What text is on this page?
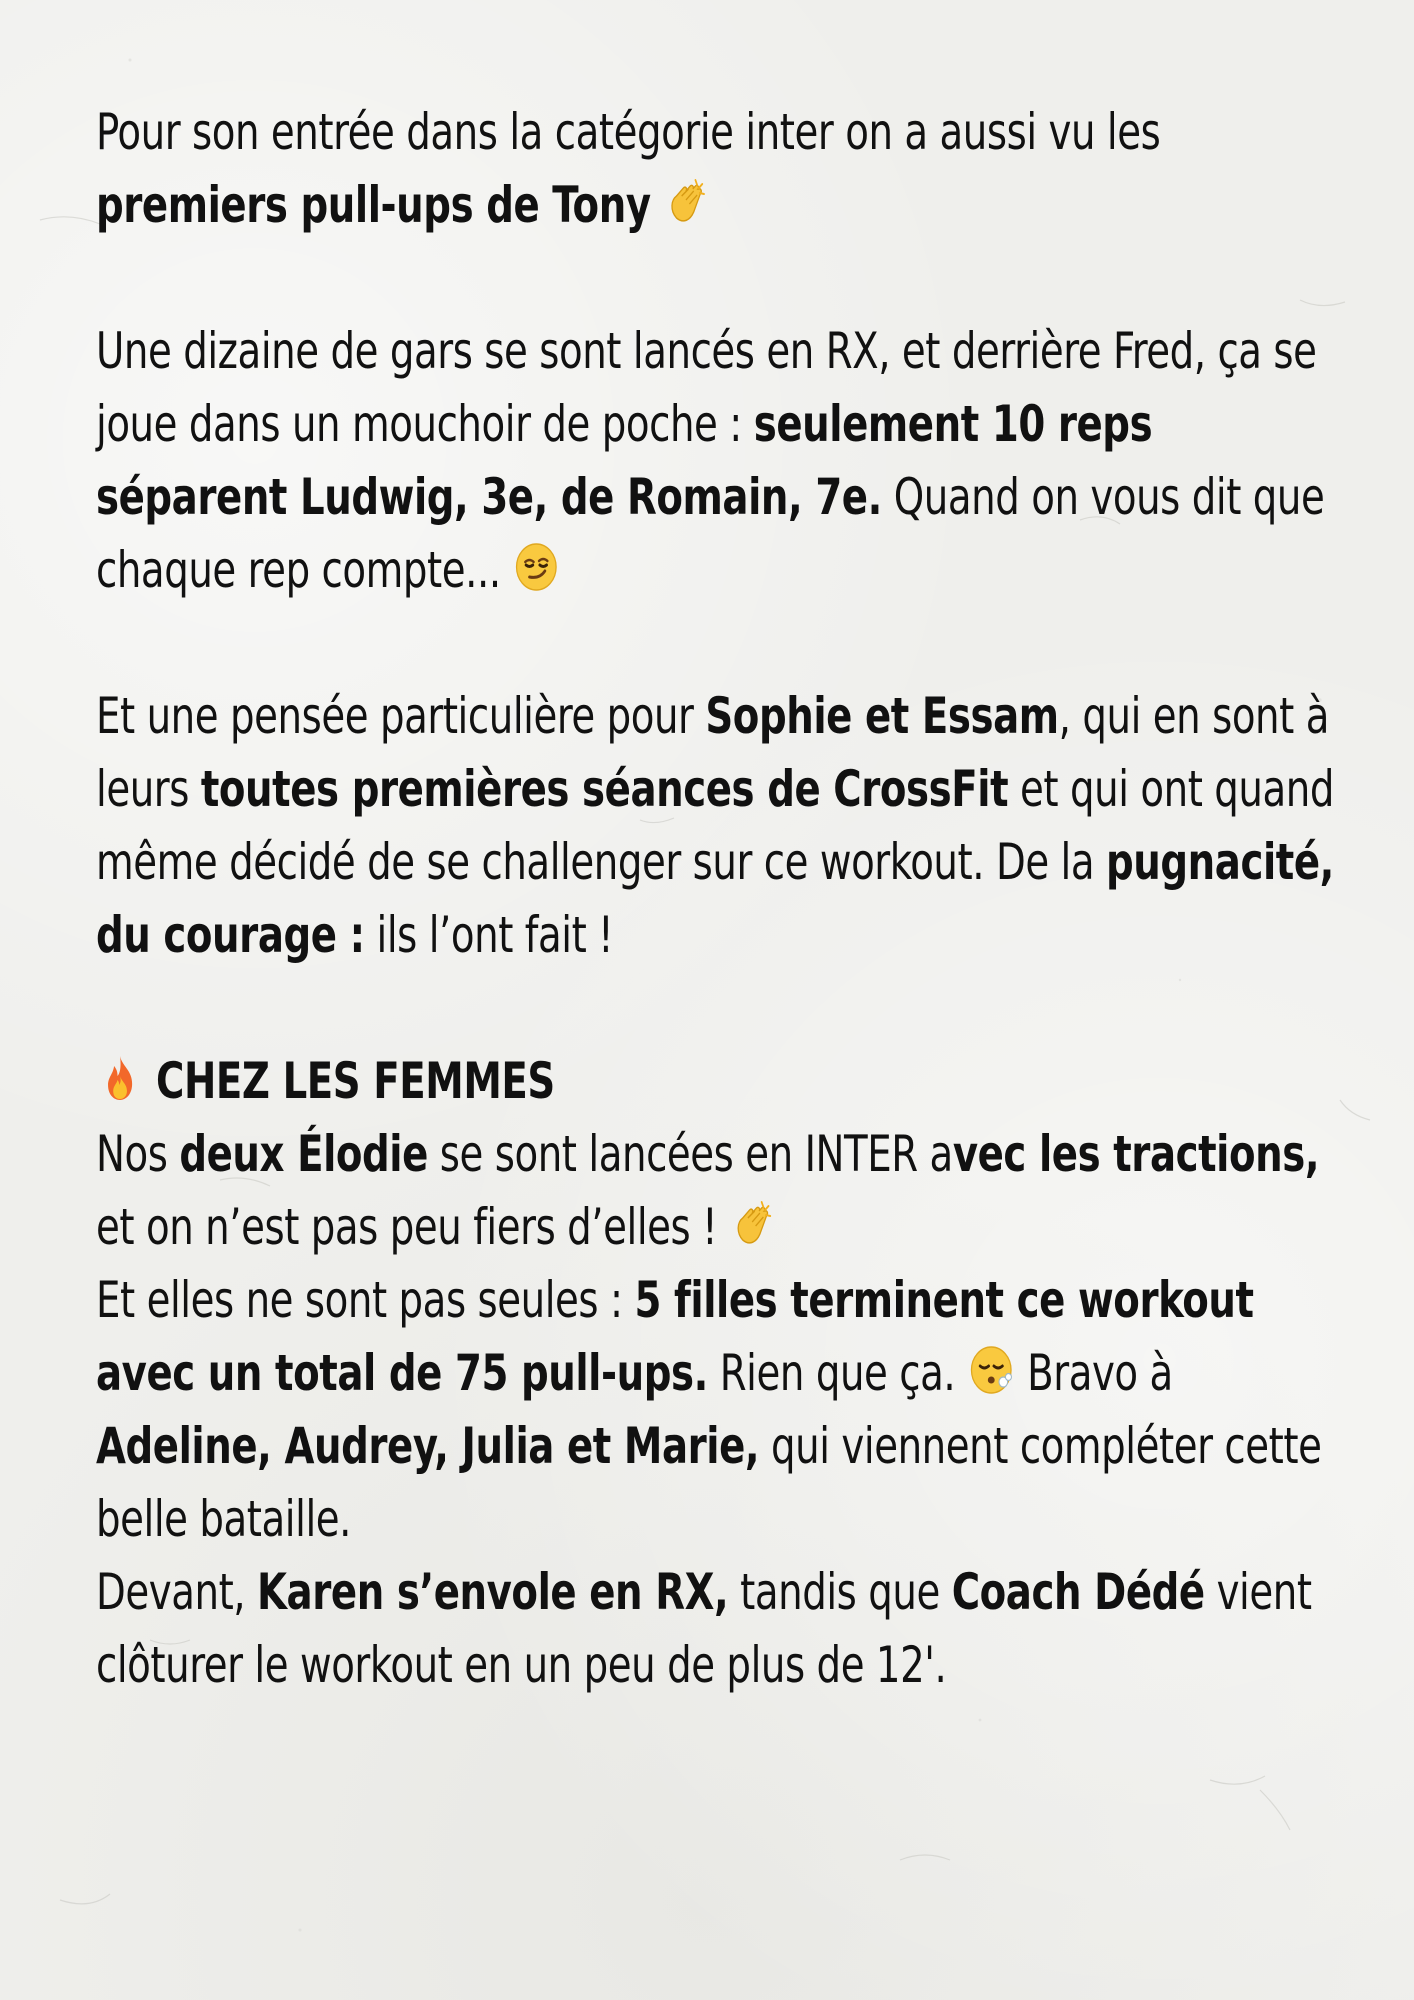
Pour son entrée dans la catégorie inter on a aussi vu les premiers pull-ups de Tony

Une dizaine de gars se sont lancés en RX, et derrière Fred, ça se joue dans un mouchoir de poche : seulement 10 reps séparent Ludwig, 3e, de Romain, 7e. Quand on vous dit que chaque rep compte...

Et une pensée particulière pour Sophie et Essam, qui en sont à leurs toutes premières séances de CrossFit et qui ont quand même décidé de se challenger sur ce workout. De la pugnacité, du courage : ils l’ont fait !

CHEZ LES FEMMES
Nos deux Élodie se sont lancées en INTER avec les tractions, et on n’est pas peu fiers d’elles !

Et elles ne sont pas seules : 5 filles terminent ce workout avec un total de 75 pull-ups. Rien que ça.
Bravo à Adeline, Audrey, Julia et Marie, qui viennent compléter cette belle bataille.
Devant, Karen s’envole en RX, tandis que Coach Dédé vient clôturer le workout en un peu de plus de 12'.
